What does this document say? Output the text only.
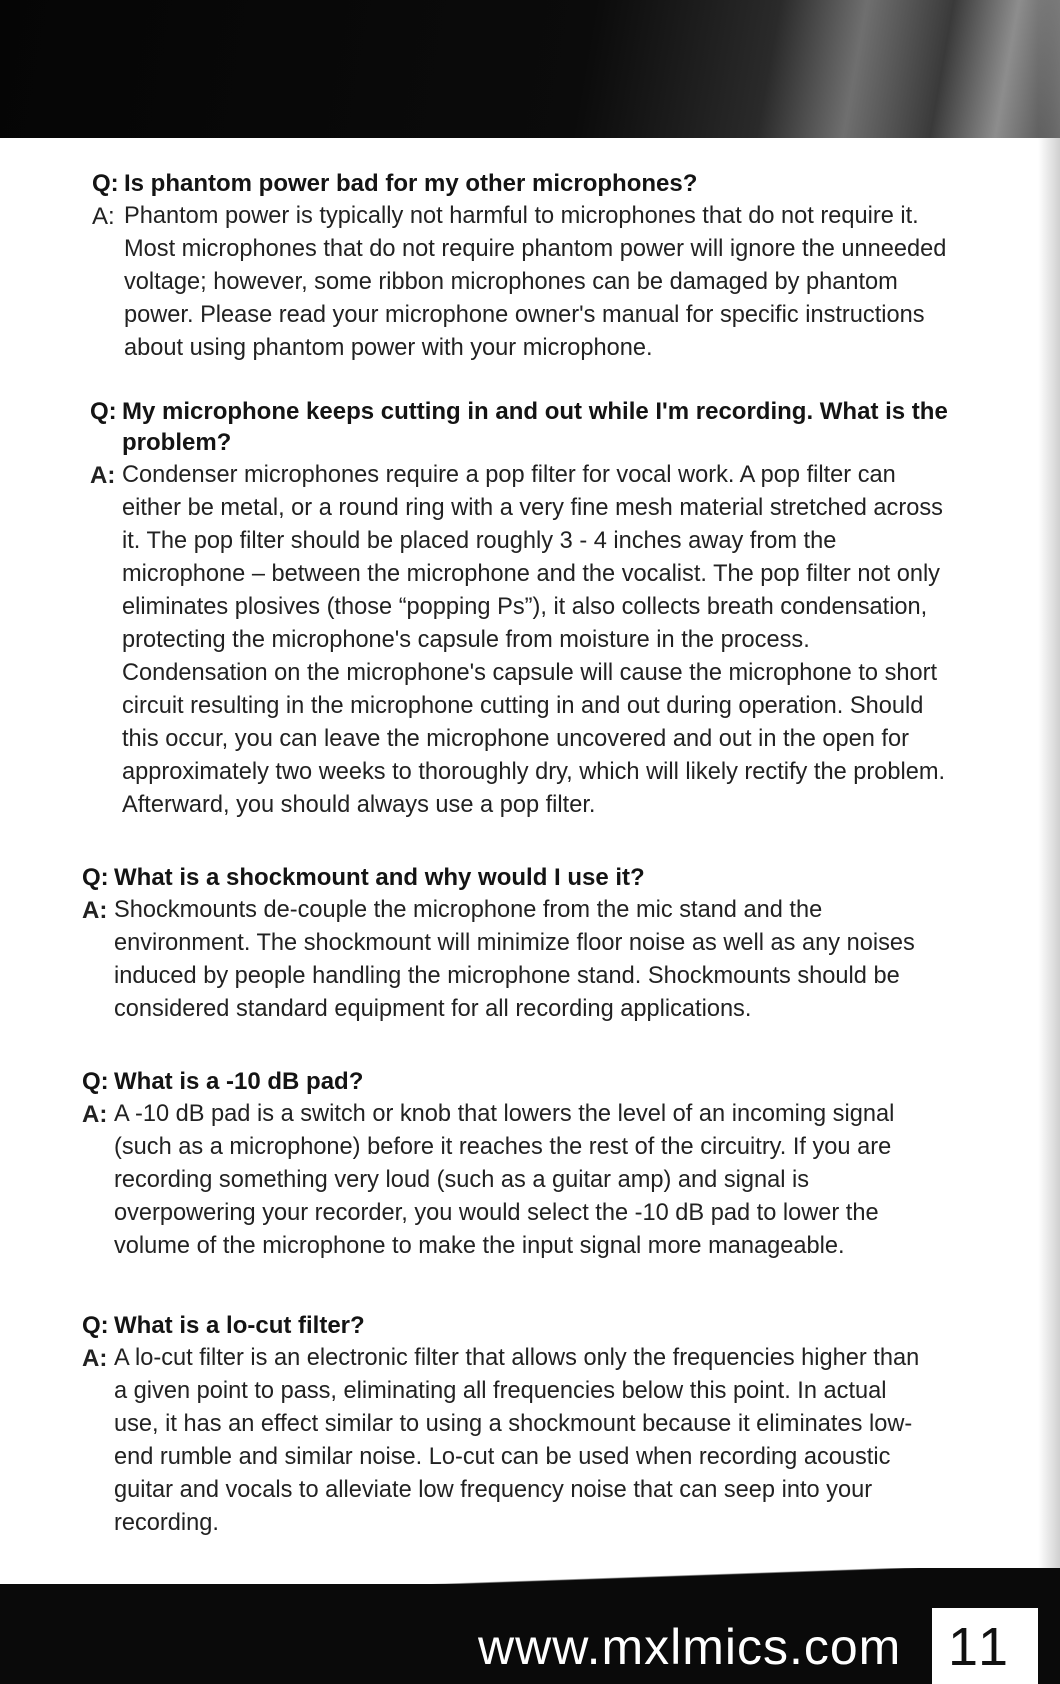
Q: Is phantom power bad for my other microphones?
A: Phantom power is typically not harmful to microphones that do not require it. Most microphones that do not require phantom power will ignore the unneeded voltage; however, some ribbon microphones can be damaged by phantom power. Please read your microphone owner's manual for specific instructions about using phantom power with your microphone.
Q: My microphone keeps cutting in and out while I'm recording. What is the problem?
A: Condenser microphones require a pop filter for vocal work. A pop filter can either be metal, or a round ring with a very fine mesh material stretched across it. The pop filter should be placed roughly 3 - 4 inches away from the microphone – between the microphone and the vocalist. The pop filter not only eliminates plosives (those “popping Ps”), it also collects breath condensation, protecting the microphone's capsule from moisture in the process. Condensation on the microphone's capsule will cause the microphone to short circuit resulting in the microphone cutting in and out during operation. Should this occur, you can leave the microphone uncovered and out in the open for approximately two weeks to thoroughly dry, which will likely rectify the problem. Afterward, you should always use a pop filter.
Q: What is a shockmount and why would I use it?
A: Shockmounts de-couple the microphone from the mic stand and the environment. The shockmount will minimize floor noise as well as any noises induced by people handling the microphone stand. Shockmounts should be considered standard equipment for all recording applications.
Q: What is a -10 dB pad?
A: A -10 dB pad is a switch or knob that lowers the level of an incoming signal (such as a microphone) before it reaches the rest of the circuitry. If you are recording something very loud (such as a guitar amp) and signal is overpowering your recorder, you would select the -10 dB pad to lower the volume of the microphone to make the input signal more manageable.
Q: What is a lo-cut filter?
A: A lo-cut filter is an electronic filter that allows only the frequencies higher than a given point to pass, eliminating all frequencies below this point. In actual use, it has an effect similar to using a shockmount because it eliminates low-end rumble and similar noise. Lo-cut can be used when recording acoustic guitar and vocals to alleviate low frequency noise that can seep into your recording.
www.mxlmics.com 11
